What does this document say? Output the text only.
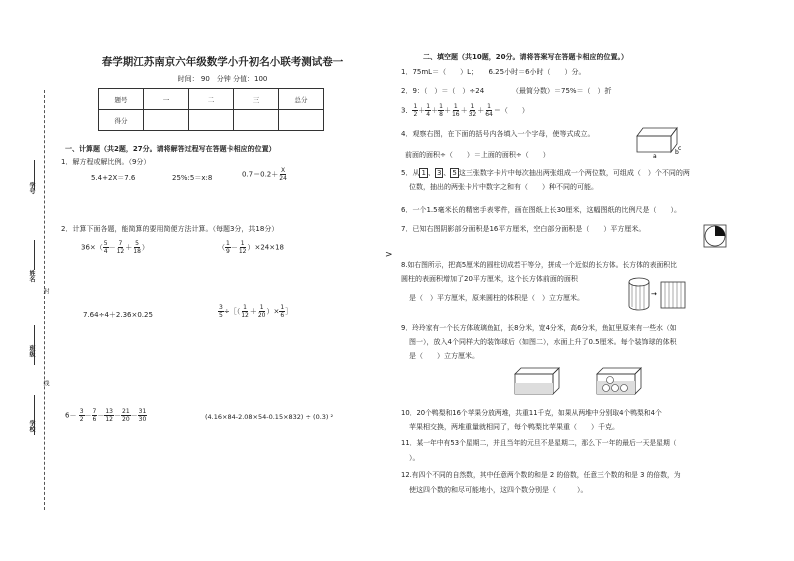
学号
姓名
封
班级
线
学校
春学期江苏南京六年级数学小升初名小联考测试卷一
时间： 90　分钟 分值：100
题号	一	二	三	总分
得分				
一、计算题（共2题，27分。请将解答过程写在答题卡相应的位置）
1．解方程或解比例。（9分）
5.4+2X＝7.6	25%:5＝x:8	$0.7=0.2+ \frac{X}{24}$
2．计算下面各题，能简算的要用简便方法计算。（每题3分，共18分）
$36\times( \frac{5}{4} - \frac{7}{12} + \frac{5}{18}$ ）	（ $\frac{1}{9} - \frac{1}{12} )\times 24\times 18$
7.64÷4＋2.36×0.25	$\frac{3}{5}$ ÷［（ $\frac{1}{12} + \frac{1}{20}$ ）× $\frac{1}{6}$ ］
$6- \frac{3}{2} - \frac{7}{6} - \frac{13}{12} - \frac{21}{20} - \frac{31}{30}$	(4.16×84-2.08×54-0.15×832) ÷ (0.3) ²
>
二、填空题（共10题，20分。请将答案写在答题卡相应的位置。）
1．75mL＝（　　）L；　　6.25小时＝6小时（　　）分。
2．9：（　）＝（　）÷24	（最简分数）＝75%＝（　）折
3． $\frac{1}{2} + \frac{1}{4} + \frac{1}{8} + \frac{1}{16} + \frac{1}{32} + \frac{1}{64}$ ＝（　　）
4．观察右图，在下面的括号内各填入一个字母，使等式成立。
前面的面积÷（　　）＝上面的面积÷（　　）	a
b
c
5．从 1 、 3 、 5 这三张数字卡片中每次抽出两张组成一个两位数，可组成（　）个不同的两
位数，抽出的两张卡片中数字之和有（　　）种不同的可能。
6．一个1.5毫米长的精密手表零件，画在图纸上长30厘米，这幅图纸的比例尺是（　　）。
7．已知右图阴影部分面积是16平方厘米，空白部分面积是（　　）平方厘米。
8.如右图所示，把高5厘米的圆柱切成若干等分，拼成一个近似的长方体。长方体的表面积比
圆柱的表面积增加了20平方厘米，这个长方体前面的面积
是（　）平方厘米，原来圆柱的体积是（　）立方厘米。	→
9．玲玲家有一个长方体玻璃鱼缸，长8分米，宽4分米，高6分米，鱼缸里原来有一些水（如
图一），放入4个同样大的装饰球后（如图二），水面上升了0.5厘米。每个装饰球的体积
是（　　）立方厘米。
10．20个鸭梨和16个苹果分放两堆，共重11千克，如果从两堆中分别取4个鸭梨和4个
苹果相交换，两堆重量就相同了，每个鸭梨比苹果重（　　）千克。
11．某一年中有53个星期二，并且当年的元旦不是星期二，那么下一年的最后一天是星期（
）。
12.有四个不同的自然数，其中任意两个数的和是 2 的倍数，任意三个数的和是 3 的倍数，为
使这四个数的和尽可能地小，这四个数分别是（　　　）。
